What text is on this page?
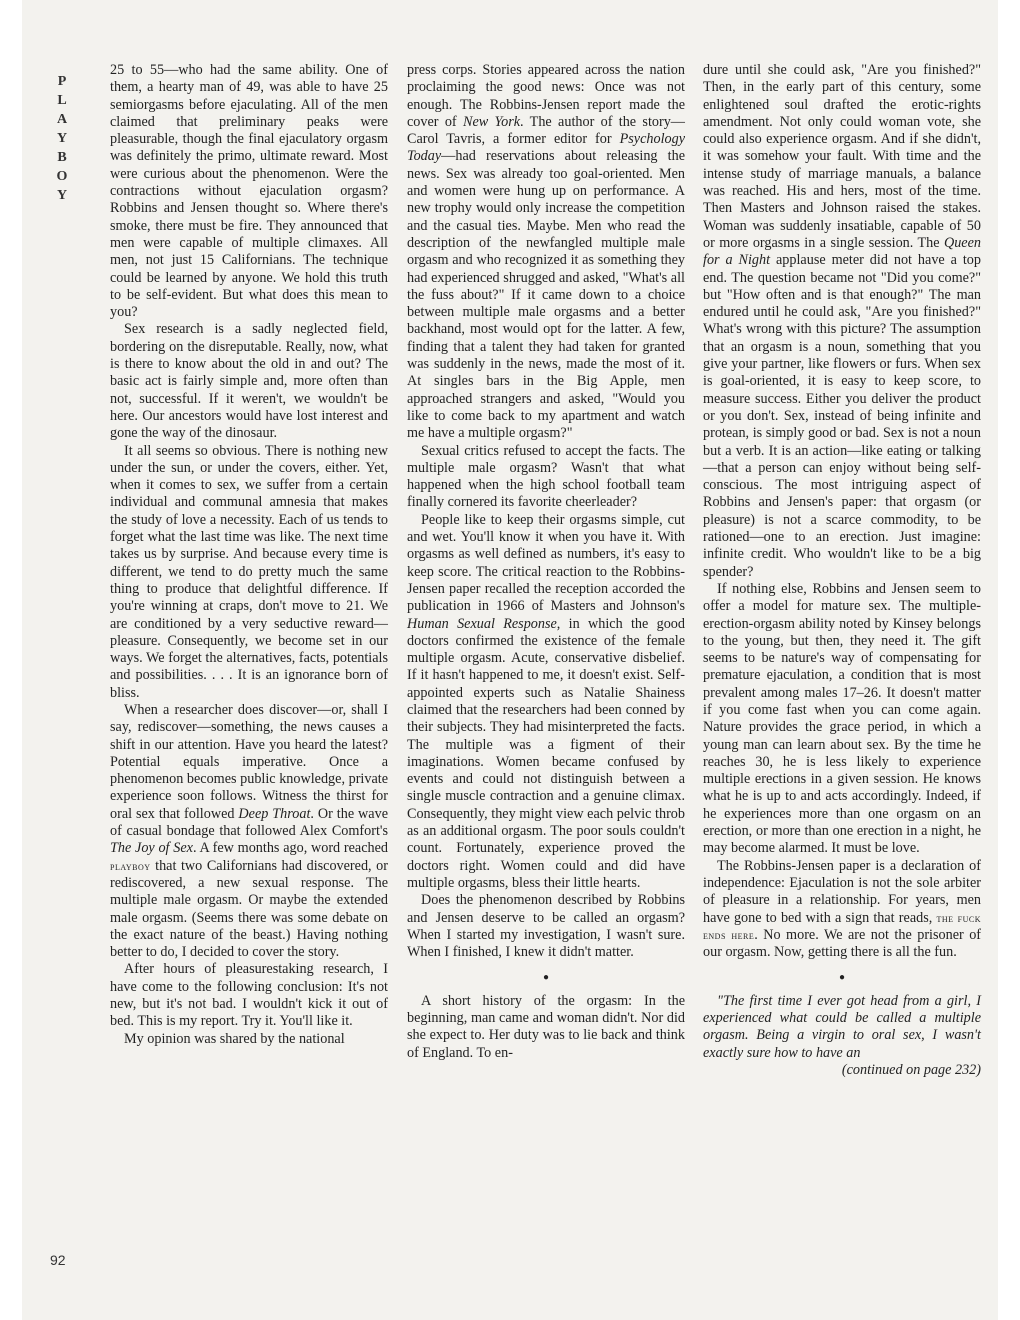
P
L
A
Y
B
O
Y
92

25 to 55—who had the same ability. One of them, a hearty man of 49, was able to have 25 semiorgasms before ejaculating. All of the men claimed that preliminary peaks were pleasurable, though the final ejaculatory orgasm was definitely the primo, ultimate reward. Most were curious about the phenomenon. Were the contractions without ejaculation orgasm? Robbins and Jensen thought so. Where there's smoke, there must be fire. They announced that men were capable of multiple climaxes. All men, not just 15 Californians. The technique could be learned by anyone. We hold this truth to be self-evident. But what does this mean to you?

Sex research is a sadly neglected field, bordering on the disreputable. Really, now, what is there to know about the old in and out? The basic act is fairly simple and, more often than not, successful. If it weren't, we wouldn't be here. Our ancestors would have lost interest and gone the way of the dinosaur.

It all seems so obvious. There is nothing new under the sun, or under the covers, either. Yet, when it comes to sex, we suffer from a certain individual and communal amnesia that makes the study of love a necessity. Each of us tends to forget what the last time was like. The next time takes us by surprise. And because every time is different, we tend to do pretty much the same thing to produce that delightful difference. If you're winning at craps, don't move to 21. We are conditioned by a very seductive reward—pleasure. Consequently, we become set in our ways. We forget the alternatives, facts, potentials and possibilities. . . . It is an ignorance born of bliss.

When a researcher does discover—or, shall I say, rediscover—something, the news causes a shift in our attention. Have you heard the latest? Potential equals imperative. Once a phenomenon becomes public knowledge, private experience soon follows. Witness the thirst for oral sex that followed Deep Throat. Or the wave of casual bondage that followed Alex Comfort's The Joy of Sex. A few months ago, word reached playboy that two Californians had discovered, or rediscovered, a new sexual response. The multiple male orgasm. Or maybe the extended male orgasm. (Seems there was some debate on the exact nature of the beast.) Having nothing better to do, I decided to cover the story.

After hours of pleasurestaking research, I have come to the following conclusion: It's not new, but it's not bad. I wouldn't kick it out of bed. This is my report. Try it. You'll like it.

My opinion was shared by the national

press corps. Stories appeared across the nation proclaiming the good news: Once was not enough. The Robbins-Jensen report made the cover of New York. The author of the story—Carol Tavris, a former editor for Psychology Today—had reservations about releasing the news. Sex was already too goal-oriented. Men and women were hung up on performance. A new trophy would only increase the competition and the casual ties. Maybe. Men who read the description of the newfangled multiple male orgasm and who recognized it as something they had experienced shrugged and asked, "What's all the fuss about?" If it came down to a choice between multiple male orgasms and a better backhand, most would opt for the latter. A few, finding that a talent they had taken for granted was suddenly in the news, made the most of it. At singles bars in the Big Apple, men approached strangers and asked, "Would you like to come back to my apartment and watch me have a multiple orgasm?"

Sexual critics refused to accept the facts. The multiple male orgasm? Wasn't that what happened when the high school football team finally cornered its favorite cheerleader?

People like to keep their orgasms simple, cut and wet. You'll know it when you have it. With orgasms as well defined as numbers, it's easy to keep score. The critical reaction to the Robbins-Jensen paper recalled the reception accorded the publication in 1966 of Masters and Johnson's Human Sexual Response, in which the good doctors confirmed the existence of the female multiple orgasm. Acute, conservative disbelief. If it hasn't happened to me, it doesn't exist. Self-appointed experts such as Natalie Shainess claimed that the researchers had been conned by their subjects. They had misinterpreted the facts. The multiple was a figment of their imaginations. Women became confused by events and could not distinguish between a single muscle contraction and a genuine climax. Consequently, they might view each pelvic throb as an additional orgasm. The poor souls couldn't count. Fortunately, experience proved the doctors right. Women could and did have multiple orgasms, bless their little hearts.

Does the phenomenon described by Robbins and Jensen deserve to be called an orgasm? When I started my investigation, I wasn't sure. When I finished, I knew it didn't matter.

●

A short history of the orgasm: In the beginning, man came and woman didn't. Nor did she expect to. Her duty was to lie back and think of England. To en-

dure until she could ask, "Are you finished?" Then, in the early part of this century, some enlightened soul drafted the erotic-rights amendment. Not only could woman vote, she could also experience orgasm. And if she didn't, it was somehow your fault. With time and the intense study of marriage manuals, a balance was reached. His and hers, most of the time. Then Masters and Johnson raised the stakes. Woman was suddenly insatiable, capable of 50 or more orgasms in a single session. The Queen for a Night applause meter did not have a top end. The question became not "Did you come?" but "How often and is that enough?" The man endured until he could ask, "Are you finished?" What's wrong with this picture? The assumption that an orgasm is a noun, something that you give your partner, like flowers or furs. When sex is goal-oriented, it is easy to keep score, to measure success. Either you deliver the product or you don't. Sex, instead of being infinite and protean, is simply good or bad. Sex is not a noun but a verb. It is an action—like eating or talking—that a person can enjoy without being self-conscious. The most intriguing aspect of Robbins and Jensen's paper: that orgasm (or pleasure) is not a scarce commodity, to be rationed—one to an erection. Just imagine: infinite credit. Who wouldn't like to be a big spender?

If nothing else, Robbins and Jensen seem to offer a model for mature sex. The multiple-erection-orgasm ability noted by Kinsey belongs to the young, but then, they need it. The gift seems to be nature's way of compensating for premature ejaculation, a condition that is most prevalent among males 17–26. It doesn't matter if you come fast when you can come again. Nature provides the grace period, in which a young man can learn about sex. By the time he reaches 30, he is less likely to experience multiple erections in a given session. He knows what he is up to and acts accordingly. Indeed, if he experiences more than one orgasm on an erection, or more than one erection in a night, he may become alarmed. It must be love.

The Robbins-Jensen paper is a declaration of independence: Ejaculation is not the sole arbiter of pleasure in a relationship. For years, men have gone to bed with a sign that reads, the fuck ends here. No more. We are not the prisoner of our orgasm. Now, getting there is all the fun.

●

"The first time I ever got head from a girl, I experienced what could be called a multiple orgasm. Being a virgin to oral sex, I wasn't exactly sure how to have an

(continued on page 232)
